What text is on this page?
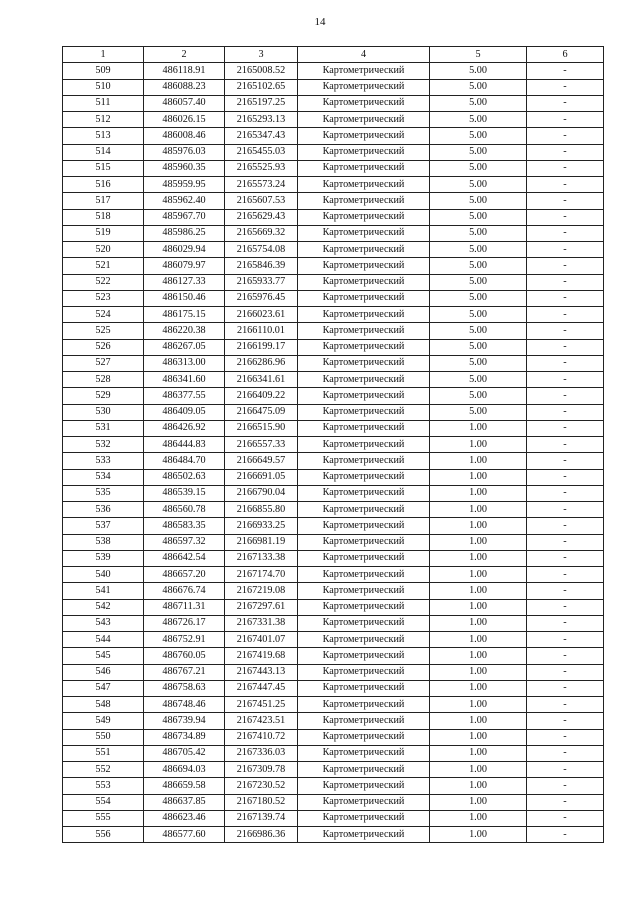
14
1	2	3	4	5	6
509	486118.91	2165008.52	Картометрический	5.00	-
510	486088.23	2165102.65	Картометрический	5.00	-
511	486057.40	2165197.25	Картометрический	5.00	-
512	486026.15	2165293.13	Картометрический	5.00	-
513	486008.46	2165347.43	Картометрический	5.00	-
514	485976.03	2165455.03	Картометрический	5.00	-
515	485960.35	2165525.93	Картометрический	5.00	-
516	485959.95	2165573.24	Картометрический	5.00	-
517	485962.40	2165607.53	Картометрический	5.00	-
518	485967.70	2165629.43	Картометрический	5.00	-
519	485986.25	2165669.32	Картометрический	5.00	-
520	486029.94	2165754.08	Картометрический	5.00	-
521	486079.97	2165846.39	Картометрический	5.00	-
522	486127.33	2165933.77	Картометрический	5.00	-
523	486150.46	2165976.45	Картометрический	5.00	-
524	486175.15	2166023.61	Картометрический	5.00	-
525	486220.38	2166110.01	Картометрический	5.00	-
526	486267.05	2166199.17	Картометрический	5.00	-
527	486313.00	2166286.96	Картометрический	5.00	-
528	486341.60	2166341.61	Картометрический	5.00	-
529	486377.55	2166409.22	Картометрический	5.00	-
530	486409.05	2166475.09	Картометрический	5.00	-
531	486426.92	2166515.90	Картометрический	1.00	-
532	486444.83	2166557.33	Картометрический	1.00	-
533	486484.70	2166649.57	Картометрический	1.00	-
534	486502.63	2166691.05	Картометрический	1.00	-
535	486539.15	2166790.04	Картометрический	1.00	-
536	486560.78	2166855.80	Картометрический	1.00	-
537	486583.35	2166933.25	Картометрический	1.00	-
538	486597.32	2166981.19	Картометрический	1.00	-
539	486642.54	2167133.38	Картометрический	1.00	-
540	486657.20	2167174.70	Картометрический	1.00	-
541	486676.74	2167219.08	Картометрический	1.00	-
542	486711.31	2167297.61	Картометрический	1.00	-
543	486726.17	2167331.38	Картометрический	1.00	-
544	486752.91	2167401.07	Картометрический	1.00	-
545	486760.05	2167419.68	Картометрический	1.00	-
546	486767.21	2167443.13	Картометрический	1.00	-
547	486758.63	2167447.45	Картометрический	1.00	-
548	486748.46	2167451.25	Картометрический	1.00	-
549	486739.94	2167423.51	Картометрический	1.00	-
550	486734.89	2167410.72	Картометрический	1.00	-
551	486705.42	2167336.03	Картометрический	1.00	-
552	486694.03	2167309.78	Картометрический	1.00	-
553	486659.58	2167230.52	Картометрический	1.00	-
554	486637.85	2167180.52	Картометрический	1.00	-
555	486623.46	2167139.74	Картометрический	1.00	-
556	486577.60	2166986.36	Картометрический	1.00	-
